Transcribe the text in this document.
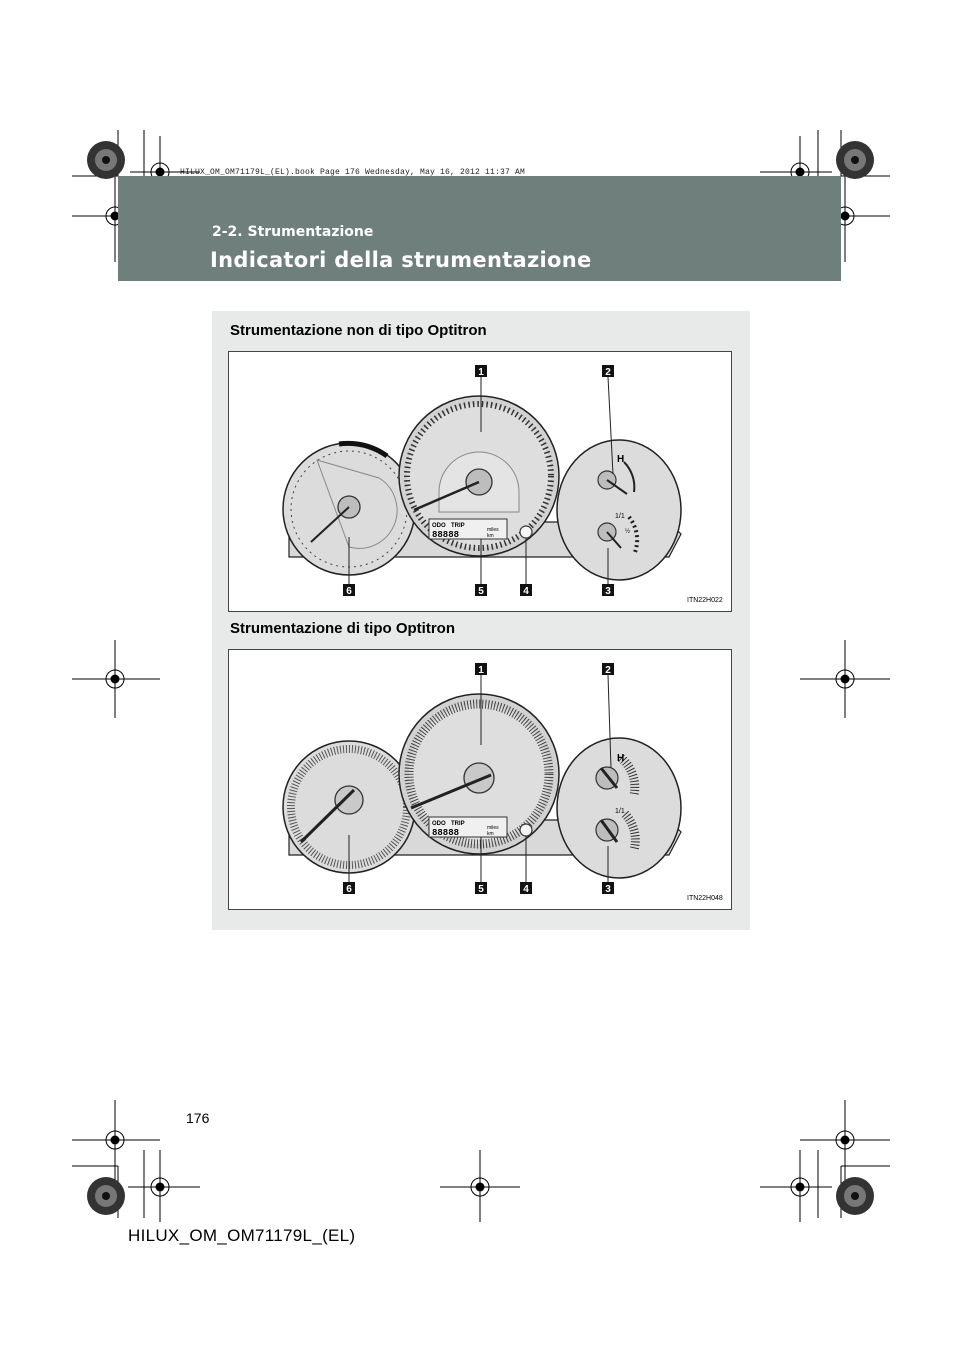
HILUX_OM_OM71179L_(EL).book Page 176 Wednesday, May 16, 2012 11:37 AM
2-2. Strumentazione
Indicatori della strumentazione
Strumentazione non di tipo Optitron
ODO TRIP
88888	miles
km
H
1/1
½
1	2
3
4
5
6
ITN22H022
Strumentazione di tipo Optitron
ODO TRIP
88888	miles
km
H
1/1
1	2
3
4
5
6
ITN22H048
176
HILUX_OM_OM71179L_(EL)
